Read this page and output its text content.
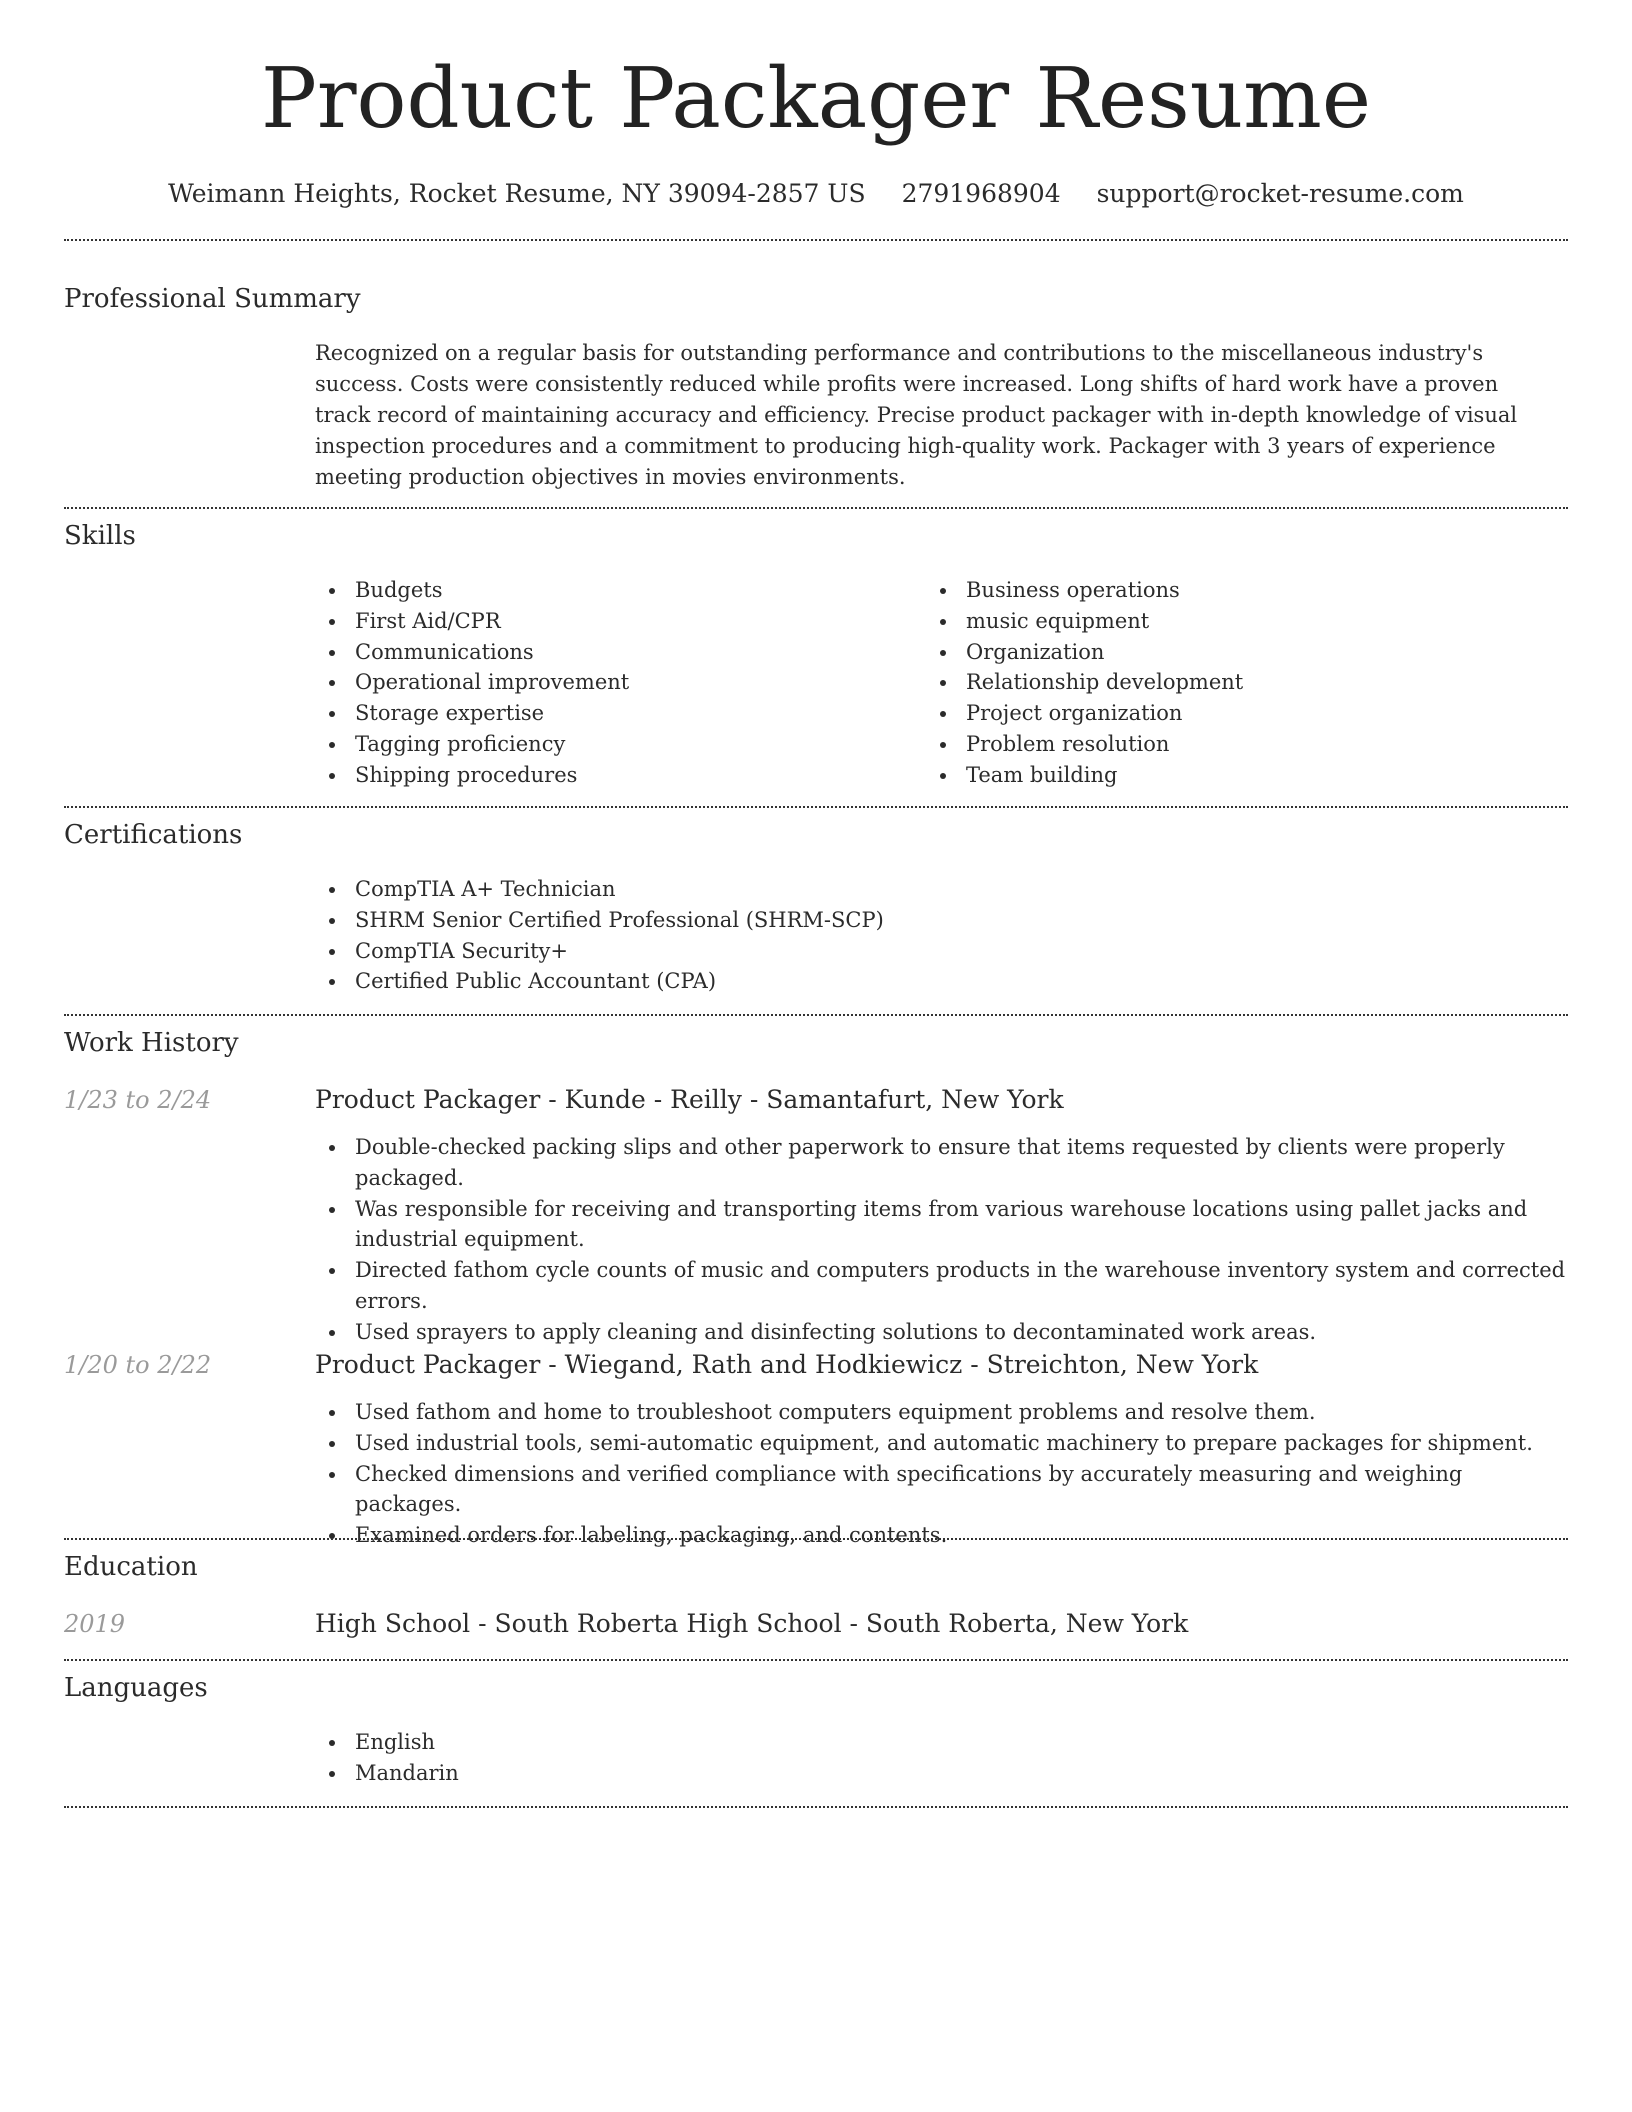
Product Packager Resume
Weimann Heights, Rocket Resume, NY 39094-2857 US 2791968904 support@rocket-resume.com
Professional Summary

Recognized on a regular basis for outstanding performance and contributions to the miscellaneous industry's success. Costs were consistently reduced while profits were increased. Long shifts of hard work have a proven track record of maintaining accuracy and efficiency. Precise product packager with in-depth knowledge of visual inspection procedures and a commitment to producing high-quality work. Packager with 3 years of experience meeting production objectives in movies environments.

Skills
Budgets
First Aid/CPR
Communications
Operational improvement
Storage expertise
Tagging proficiency
Shipping procedures
Business operations
music equipment
Organization
Relationship development
Project organization
Problem resolution
Team building
Certifications
CompTIA A+ Technician
SHRM Senior Certified Professional (SHRM-SCP)
CompTIA Security+
Certified Public Accountant (CPA)
Work History
1/23 to 2/24	Product Packager - Kunde - Reilly - Samantafurt, New York
Double-checked packing slips and other paperwork to ensure that items requested by clients were properly packaged.
Was responsible for receiving and transporting items from various warehouse locations using pallet jacks and industrial equipment.
Directed fathom cycle counts of music and computers products in the warehouse inventory system and corrected errors.
Used sprayers to apply cleaning and disinfecting solutions to decontaminated work areas.
1/20 to 2/22	Product Packager - Wiegand, Rath and Hodkiewicz - Streichton, New York
Used fathom and home to troubleshoot computers equipment problems and resolve them.
Used industrial tools, semi-automatic equipment, and automatic machinery to prepare packages for shipment.
Checked dimensions and verified compliance with specifications by accurately measuring and weighing packages.
Examined orders for labeling, packaging, and contents.
Education
2019	High School - South Roberta High School - South Roberta, New York
Languages
English
Mandarin
